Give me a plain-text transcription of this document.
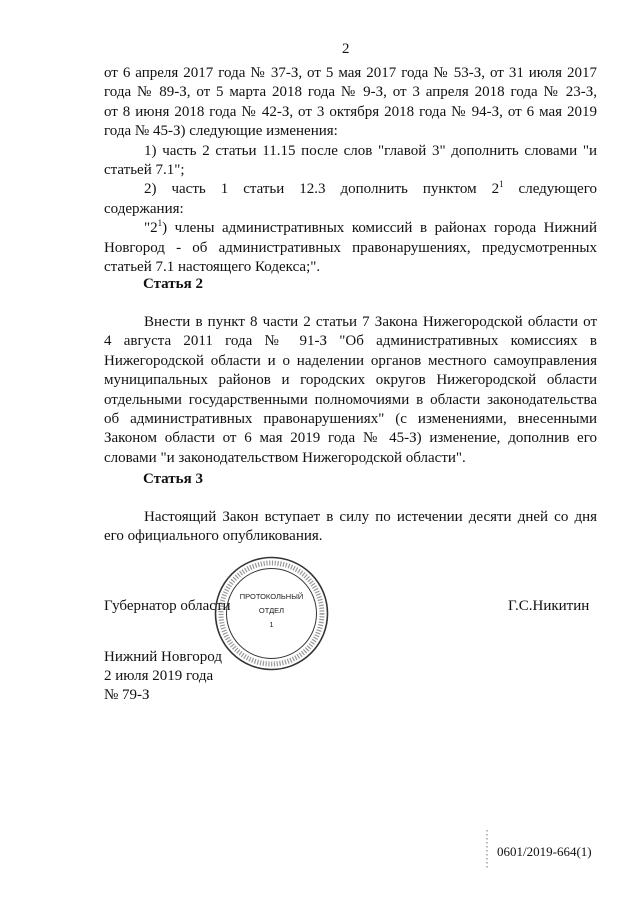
2
от 6 апреля 2017 года № 37-З, от 5 мая 2017 года № 53-З, от 31 июля 2017
года № 89-З, от 5 марта 2018 года № 9-З, от 3 апреля 2018 года № 23-З,
от 8 июня 2018 года № 42-З, от 3 октября 2018 года № 94-З, от 6 мая 2019
года № 45-З) следующие изменения:
1) часть 2 статьи 11.15 после слов "главой 3" дополнить словами "и
статьей 7.1";
2) часть 1 статьи 12.3 дополнить пунктом $2^1$ следующего
содержания:
"$2^1$) члены административных комиссий в районах города Нижний
Новгород - об административных правонарушениях, предусмотренных
статьей 7.1 настоящего Кодекса;".
Статья 2
Внести в пункт 8 части 2 статьи 7 Закона Нижегородской области от
4 августа 2011 года № 91-З "Об административных комиссиях в
Нижегородской области и о наделении органов местного самоуправления
муниципальных районов и городских округов Нижегородской области
отдельными государственными полномочиями в области законодательства
об административных правонарушениях" (с изменениями, внесенными
Законом области от 6 мая 2019 года № 45-З) изменение, дополнив его
словами "и законодательством Нижегородской области".
Статья 3
Настоящий Закон вступает в силу по истечении десяти дней со дня
его официального опубликования.
Губернатор области	Г.С.Никитин
ПРОТОКОЛЬНЫЙ
ОТДЕЛ
1
Нижний Новгород
2 июля 2019 года
№ 79-З
0601/2019-664(1)
